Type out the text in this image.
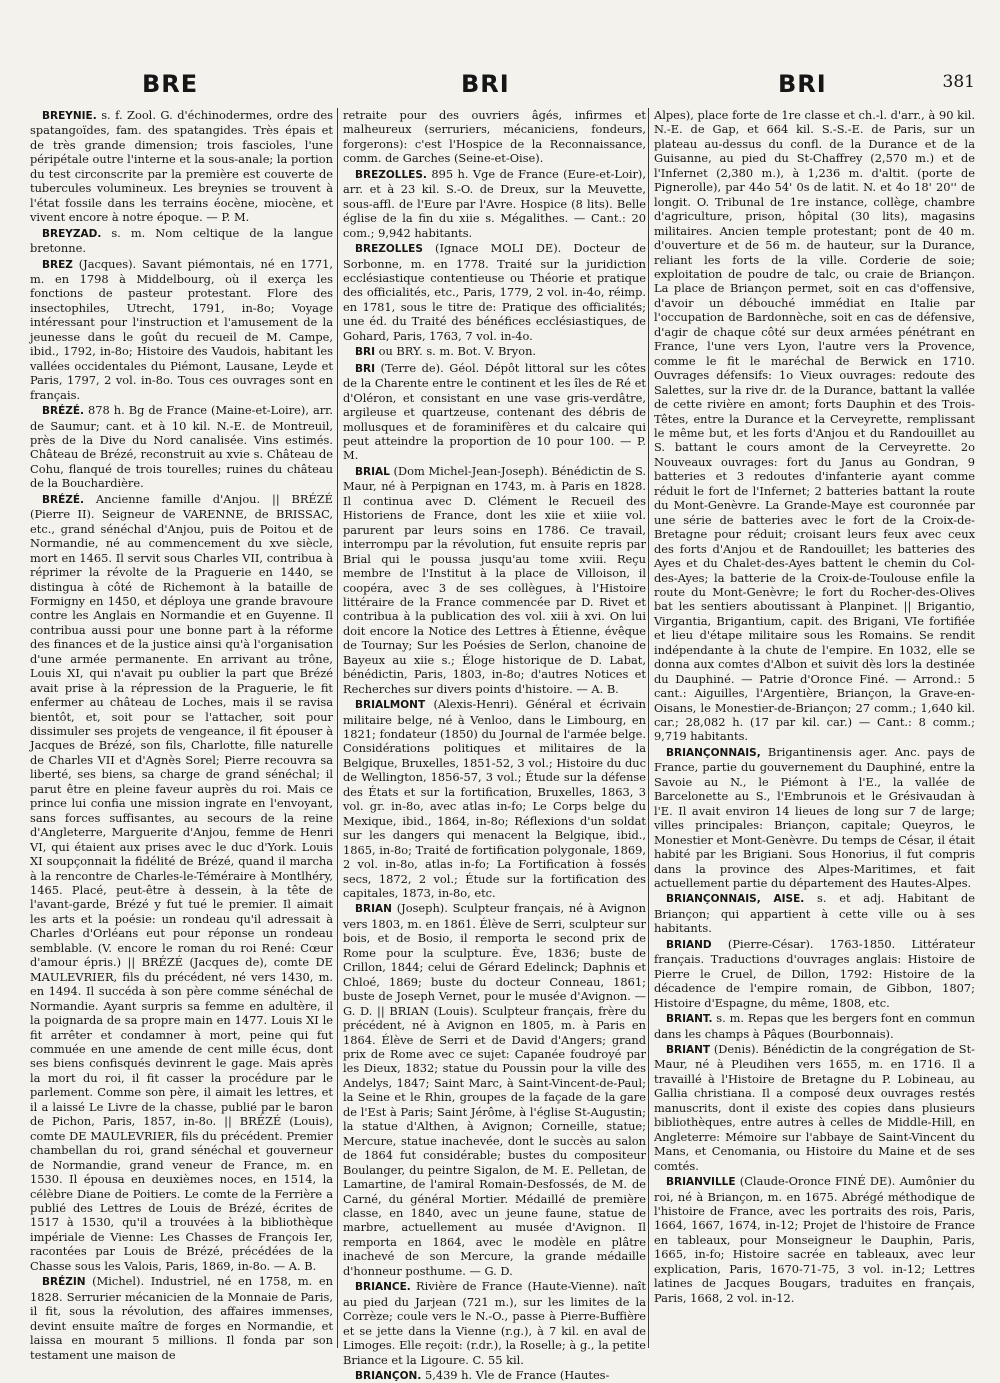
BRE	BRI	BRI	381

BREYNIE. s. f. Zool. G. d'échinodermes, ordre des spatangoïdes, fam. des spatangides. Très épais et de très grande dimension; trois fascioles, l'une péripétale outre l'interne et la sous-anale; la portion du test circonscrite par la première est couverte de tubercules volumineux. Les breynies se trouvent à l'état fossile dans les terrains éocène, miocène, et vivent encore à notre époque. — P. M.

BREYZAD. s. m. Nom celtique de la langue bretonne.

BREZ (Jacques). Savant piémontais, né en 1771, m. en 1798 à Middelbourg, où il exerça les fonctions de pasteur protestant. Flore des insectophiles, Utrecht, 1791, in-8o; Voyage intéressant pour l'instruction et l'amusement de la jeunesse dans le goût du recueil de M. Campe, ibid., 1792, in-8o; Histoire des Vaudois, habitant les vallées occidentales du Piémont, Lausane, Leyde et Paris, 1797, 2 vol. in-8o. Tous ces ouvrages sont en français.

BRÉZÉ. 878 h. Bg de France (Maine-et-Loire), arr. de Saumur; cant. et à 10 kil. N.-E. de Montreuil, près de la Dive du Nord canalisée. Vins estimés. Château de Brézé, reconstruit au xvie s. Château de Cohu, flanqué de trois tourelles; ruines du château de la Bouchardière.

BRÉZÉ. Ancienne famille d'Anjou. || BRÉZÉ (Pierre II). Seigneur de VARENNE, de BRISSAC, etc., grand sénéchal d'Anjou, puis de Poitou et de Normandie, né au commencement du xve siècle, mort en 1465. Il servit sous Charles VII, contribua à réprimer la révolte de la Praguerie en 1440, se distingua à côté de Richemont à la bataille de Formigny en 1450, et déploya une grande bravoure contre les Anglais en Normandie et en Guyenne. Il contribua aussi pour une bonne part à la réforme des finances et de la justice ainsi qu'à l'organisation d'une armée permanente. En arrivant au trône, Louis XI, qui n'avait pu oublier la part que Brézé avait prise à la répression de la Praguerie, le fit enfermer au château de Loches, mais il se ravisa bientôt, et, soit pour se l'attacher, soit pour dissimuler ses projets de vengeance, il fit épouser à Jacques de Brézé, son fils, Charlotte, fille naturelle de Charles VII et d'Agnès Sorel; Pierre recouvra sa liberté, ses biens, sa charge de grand sénéchal; il parut être en pleine faveur auprès du roi. Mais ce prince lui confia une mission ingrate en l'envoyant, sans forces suffisantes, au secours de la reine d'Angleterre, Marguerite d'Anjou, femme de Henri VI, qui étaient aux prises avec le duc d'York. Louis XI soupçonnait la fidélité de Brézé, quand il marcha à la rencontre de Charles-le-Téméraire à Montlhéry, 1465. Placé, peut-être à dessein, à la tête de l'avant-garde, Brézé y fut tué le premier. Il aimait les arts et la poésie: un rondeau qu'il adressait à Charles d'Orléans eut pour réponse un rondeau semblable. (V. encore le roman du roi René: Cœur d'amour épris.) || BRÉZÉ (Jacques de), comte DE MAULEVRIER, fils du précédent, né vers 1430, m. en 1494. Il succéda à son père comme sénéchal de Normandie. Ayant surpris sa femme en adultère, il la poignarda de sa propre main en 1477. Louis XI le fit arrêter et condamner à mort, peine qui fut commuée en une amende de cent mille écus, dont ses biens confisqués devinrent le gage. Mais après la mort du roi, il fit casser la procédure par le parlement. Comme son père, il aimait les lettres, et il a laissé Le Livre de la chasse, publié par le baron de Pichon, Paris, 1857, in-8o. || BRÉZÉ (Louis), comte DE MAULEVRIER, fils du précédent. Premier chambellan du roi, grand sénéchal et gouverneur de Normandie, grand veneur de France, m. en 1530. Il épousa en deuxièmes noces, en 1514, la célèbre Diane de Poitiers. Le comte de la Ferrière a publié des Lettres de Louis de Brézé, écrites de 1517 à 1530, qu'il a trouvées à la bibliothèque impériale de Vienne: Les Chasses de François Ier, racontées par Louis de Brézé, précédées de la Chasse sous les Valois, Paris, 1869, in-8o. — A. B.

BRÉZIN (Michel). Industriel, né en 1758, m. en 1828. Serrurier mécanicien de la Monnaie de Paris, il fit, sous la révolution, des affaires immenses, devint ensuite maître de forges en Normandie, et laissa en mourant 5 millions. Il fonda par son testament une maison de

retraite pour des ouvriers âgés, infirmes et malheureux (serruriers, mécaniciens, fondeurs, forgerons): c'est l'Hospice de la Reconnaissance, comm. de Garches (Seine-et-Oise).

BREZOLLES. 895 h. Vge de France (Eure-et-Loir), arr. et à 23 kil. S.-O. de Dreux, sur la Meuvette, sous-affl. de l'Eure par l'Avre. Hospice (8 lits). Belle église de la fin du xiie s. Mégalithes. — Cant.: 20 com.; 9,942 habitants.

BREZOLLES (Ignace MOLI DE). Docteur de Sorbonne, m. en 1778. Traité sur la juridiction ecclésiastique contentieuse ou Théorie et pratique des officialités, etc., Paris, 1779, 2 vol. in-4o, réimp. en 1781, sous le titre de: Pratique des officialités; une éd. du Traité des bénéfices ecclésiastiques, de Gohard, Paris, 1763, 7 vol. in-4o.

BRI ou BRY. s. m. Bot. V. Bryon.

BRI (Terre de). Géol. Dépôt littoral sur les côtes de la Charente entre le continent et les îles de Ré et d'Oléron, et consistant en une vase gris-verdâtre, argileuse et quartzeuse, contenant des débris de mollusques et de foraminifères et du calcaire qui peut atteindre la proportion de 10 pour 100. — P. M.

BRIAL (Dom Michel-Jean-Joseph). Bénédictin de S. Maur, né à Perpignan en 1743, m. à Paris en 1828. Il continua avec D. Clément le Recueil des Historiens de France, dont les xiie et xiiie vol. parurent par leurs soins en 1786. Ce travail, interrompu par la révolution, fut ensuite repris par Brial qui le poussa jusqu'au tome xviii. Reçu membre de l'Institut à la place de Villoison, il coopéra, avec 3 de ses collègues, à l'Histoire littéraire de la France commencée par D. Rivet et contribua à la publication des vol. xiii à xvi. On lui doit encore la Notice des Lettres à Étienne, évêque de Tournay; Sur les Poésies de Serlon, chanoine de Bayeux au xiie s.; Éloge historique de D. Labat, bénédictin, Paris, 1803, in-8o; d'autres Notices et Recherches sur divers points d'histoire. — A. B.

BRIALMONT (Alexis-Henri). Général et écrivain militaire belge, né à Venloo, dans le Limbourg, en 1821; fondateur (1850) du Journal de l'armée belge. Considérations politiques et militaires de la Belgique, Bruxelles, 1851-52, 3 vol.; Histoire du duc de Wellington, 1856-57, 3 vol.; Étude sur la défense des États et sur la fortification, Bruxelles, 1863, 3 vol. gr. in-8o, avec atlas in-fo; Le Corps belge du Mexique, ibid., 1864, in-8o; Réflexions d'un soldat sur les dangers qui menacent la Belgique, ibid., 1865, in-8o; Traité de fortification polygonale, 1869, 2 vol. in-8o, atlas in-fo; La Fortification à fossés secs, 1872, 2 vol.; Étude sur la fortification des capitales, 1873, in-8o, etc.

BRIAN (Joseph). Sculpteur français, né à Avignon vers 1803, m. en 1861. Élève de Serri, sculpteur sur bois, et de Bosio, il remporta le second prix de Rome pour la sculpture. Ève, 1836; buste de Crillon, 1844; celui de Gérard Edelinck; Daphnis et Chloé, 1869; buste du docteur Conneau, 1861; buste de Joseph Vernet, pour le musée d'Avignon. — G. D. || BRIAN (Louis). Sculpteur français, frère du précédent, né à Avignon en 1805, m. à Paris en 1864. Élève de Serri et de David d'Angers; grand prix de Rome avec ce sujet: Capanée foudroyé par les Dieux, 1832; statue du Poussin pour la ville des Andelys, 1847; Saint Marc, à Saint-Vincent-de-Paul; la Seine et le Rhin, groupes de la façade de la gare de l'Est à Paris; Saint Jérôme, à l'église St-Augustin; la statue d'Althen, à Avignon; Corneille, statue; Mercure, statue inachevée, dont le succès au salon de 1864 fut considérable; bustes du compositeur Boulanger, du peintre Sigalon, de M. E. Pelletan, de Lamartine, de l'amiral Romain-Desfossés, de M. de Carné, du général Mortier. Médaillé de première classe, en 1840, avec un jeune faune, statue de marbre, actuellement au musée d'Avignon. Il remporta en 1864, avec le modèle en plâtre inachevé de son Mercure, la grande médaille d'honneur posthume. — G. D.

BRIANCE. Rivière de France (Haute-Vienne). naît au pied du Jarjean (721 m.), sur les limites de la Corrèze; coule vers le N.-O., passe à Pierre-Buffière et se jette dans la Vienne (r.g.), à 7 kil. en aval de Limoges. Elle reçoit: (r.dr.), la Roselle; à g., la petite Briance et la Ligoure. C. 55 kil.

BRIANÇON. 5,439 h. Vle de France (Hautes-

Alpes), place forte de 1re classe et ch.-l. d'arr., à 90 kil. N.-E. de Gap, et 664 kil. S.-S.-E. de Paris, sur un plateau au-dessus du confl. de la Durance et de la Guisanne, au pied du St-Chaffrey (2,570 m.) et de l'Infernet (2,380 m.), à 1,236 m. d'altit. (porte de Pignerolle), par 44o 54' 0s de latit. N. et 4o 18' 20'' de longit. O. Tribunal de 1re instance, collège, chambre d'agriculture, prison, hôpital (30 lits), magasins militaires. Ancien temple protestant; pont de 40 m. d'ouverture et de 56 m. de hauteur, sur la Durance, reliant les forts de la ville. Corderie de soie; exploitation de poudre de talc, ou craie de Briançon. La place de Briançon permet, soit en cas d'offensive, d'avoir un débouché immédiat en Italie par l'occupation de Bardonnèche, soit en cas de défensive, d'agir de chaque côté sur deux armées pénétrant en France, l'une vers Lyon, l'autre vers la Provence, comme le fit le maréchal de Berwick en 1710. Ouvrages défensifs: 1o Vieux ouvrages: redoute des Salettes, sur la rive dr. de la Durance, battant la vallée de cette rivière en amont; forts Dauphin et des Trois-Têtes, entre la Durance et la Cerveyrette, remplissant le même but, et les forts d'Anjou et du Randouillet au S. battant le cours amont de la Cerveyrette. 2o Nouveaux ouvrages: fort du Janus au Gondran, 9 batteries et 3 redoutes d'infanterie ayant comme réduit le fort de l'Infernet; 2 batteries battant la route du Mont-Genèvre. La Grande-Maye est couronnée par une série de batteries avec le fort de la Croix-de-Bretagne pour réduit; croisant leurs feux avec ceux des forts d'Anjou et de Randouillet; les batteries des Ayes et du Chalet-des-Ayes battent le chemin du Col-des-Ayes; la batterie de la Croix-de-Toulouse enfile la route du Mont-Genèvre; le fort du Rocher-des-Olives bat les sentiers aboutissant à Planpinet. || Brigantio, Virgantia, Brigantium, capit. des Brigani, VIe fortifiée et lieu d'étape militaire sous les Romains. Se rendit indépendante à la chute de l'empire. En 1032, elle se donna aux comtes d'Albon et suivit dès lors la destinée du Dauphiné. — Patrie d'Oronce Finé. — Arrond.: 5 cant.: Aiguilles, l'Argentière, Briançon, la Grave-en-Oisans, le Monestier-de-Briançon; 27 comm.; 1,640 kil. car.; 28,082 h. (17 par kil. car.) — Cant.: 8 comm.; 9,719 habitants.

BRIANÇONNAIS, Brigantinensis ager. Anc. pays de France, partie du gouvernement du Dauphiné, entre la Savoie au N., le Piémont à l'E., la vallée de Barcelonette au S., l'Embrunois et le Grésivaudan à l'E. Il avait environ 14 lieues de long sur 7 de large; villes principales: Briançon, capitale; Queyros, le Monestier et Mont-Genèvre. Du temps de César, il était habité par les Brigiani. Sous Honorius, il fut compris dans la province des Alpes-Maritimes, et fait actuellement partie du département des Hautes-Alpes.

BRIANÇONNAIS, AISE. s. et adj. Habitant de Briançon; qui appartient à cette ville ou à ses habitants.

BRIAND (Pierre-César). 1763-1850. Littérateur français. Traductions d'ouvrages anglais: Histoire de Pierre le Cruel, de Dillon, 1792: Histoire de la décadence de l'empire romain, de Gibbon, 1807; Histoire d'Espagne, du même, 1808, etc.

BRIANT. s. m. Repas que les bergers font en commun dans les champs à Pâques (Bourbonnais).

BRIANT (Denis). Bénédictin de la congrégation de St-Maur, né à Pleudihen vers 1655, m. en 1716. Il a travaillé à l'Histoire de Bretagne du P. Lobineau, au Gallia christiana. Il a composé deux ouvrages restés manuscrits, dont il existe des copies dans plusieurs bibliothèques, entre autres à celles de Middle-Hill, en Angleterre: Mémoire sur l'abbaye de Saint-Vincent du Mans, et Cenomania, ou Histoire du Maine et de ses comtés.

BRIANVILLE (Claude-Oronce FINÉ DE). Aumônier du roi, né à Briançon, m. en 1675. Abrégé méthodique de l'histoire de France, avec les portraits des rois, Paris, 1664, 1667, 1674, in-12; Projet de l'histoire de France en tableaux, pour Monseigneur le Dauphin, Paris, 1665, in-fo; Histoire sacrée en tableaux, avec leur explication, Paris, 1670-71-75, 3 vol. in-12; Lettres latines de Jacques Bougars, traduites en français, Paris, 1668, 2 vol. in-12.
